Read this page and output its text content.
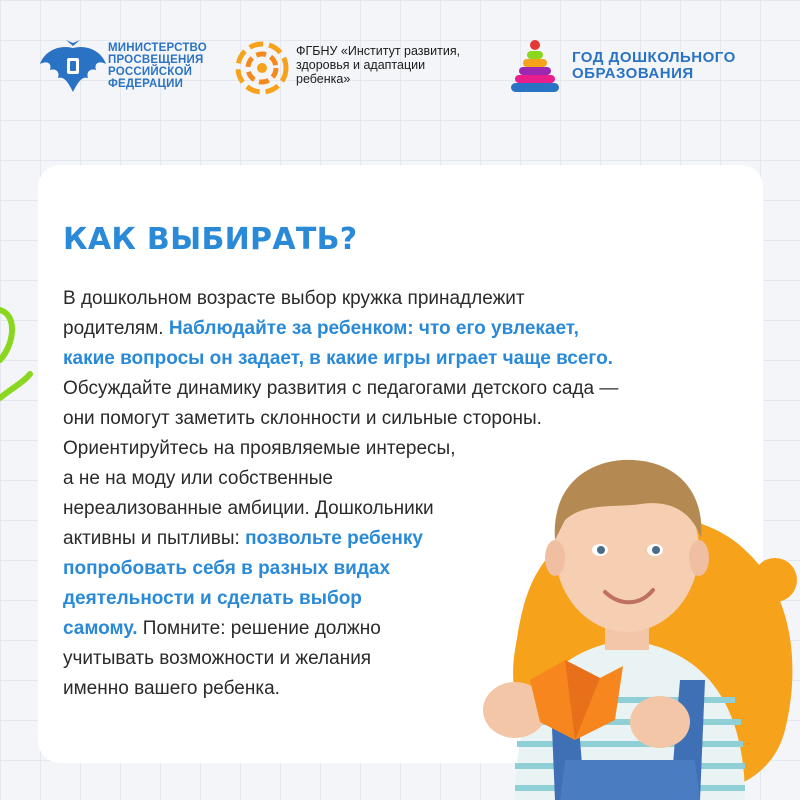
МИНИСТЕРСТВО
ПРОСВЕЩЕНИЯ
РОССИЙСКОЙ
ФЕДЕРАЦИИ
ФГБНУ «Институт развития,
здоровья и адаптации
ребенка»
ГОД ДОШКОЛЬНОГО
ОБРАЗОВАНИЯ
КАК ВЫБИРАТЬ?
В дошкольном возрасте выбор кружка принадлежит
родителям. Наблюдайте за ребенком: что его увлекает,
какие вопросы он задает, в какие игры играет чаще всего.
Обсуждайте динамику развития с педагогами детского сада —
они помогут заметить склонности и сильные стороны.
Ориентируйтесь на проявляемые интересы,
а не на моду или собственные
нереализованные амбиции. Дошкольники
активны и пытливы: позвольте ребенку
попробовать себя в разных видах
деятельности и сделать выбор
самому. Помните: решение должно
учитывать возможности и желания
именно вашего ребенка.
